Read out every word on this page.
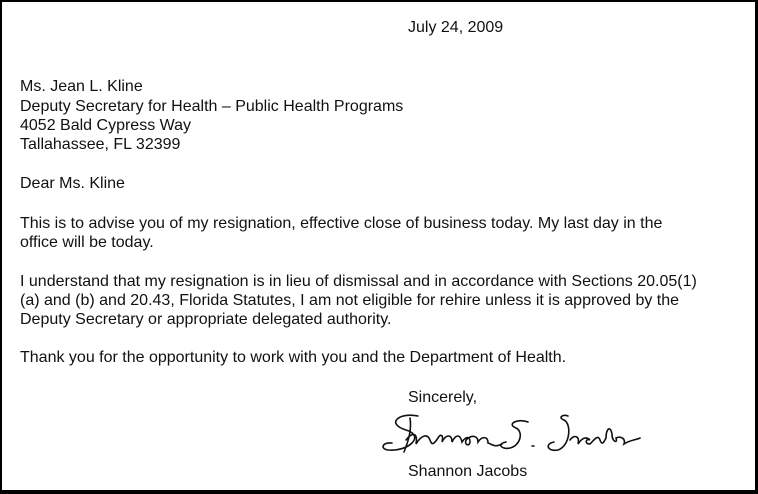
July 24, 2009
Ms. Jean L. Kline
Deputy Secretary for Health – Public Health Programs
4052 Bald Cypress Way
Tallahassee, FL 32399
Dear Ms. Kline
This is to advise you of my resignation, effective close of business today. My last day in the
office will be today.
I understand that my resignation is in lieu of dismissal and in accordance with Sections 20.05(1)
(a) and (b) and 20.43, Florida Statutes, I am not eligible for rehire unless it is approved by the
Deputy Secretary or appropriate delegated authority.
Thank you for the opportunity to work with you and the Department of Health.
Sincerely,
Shannon Jacobs
